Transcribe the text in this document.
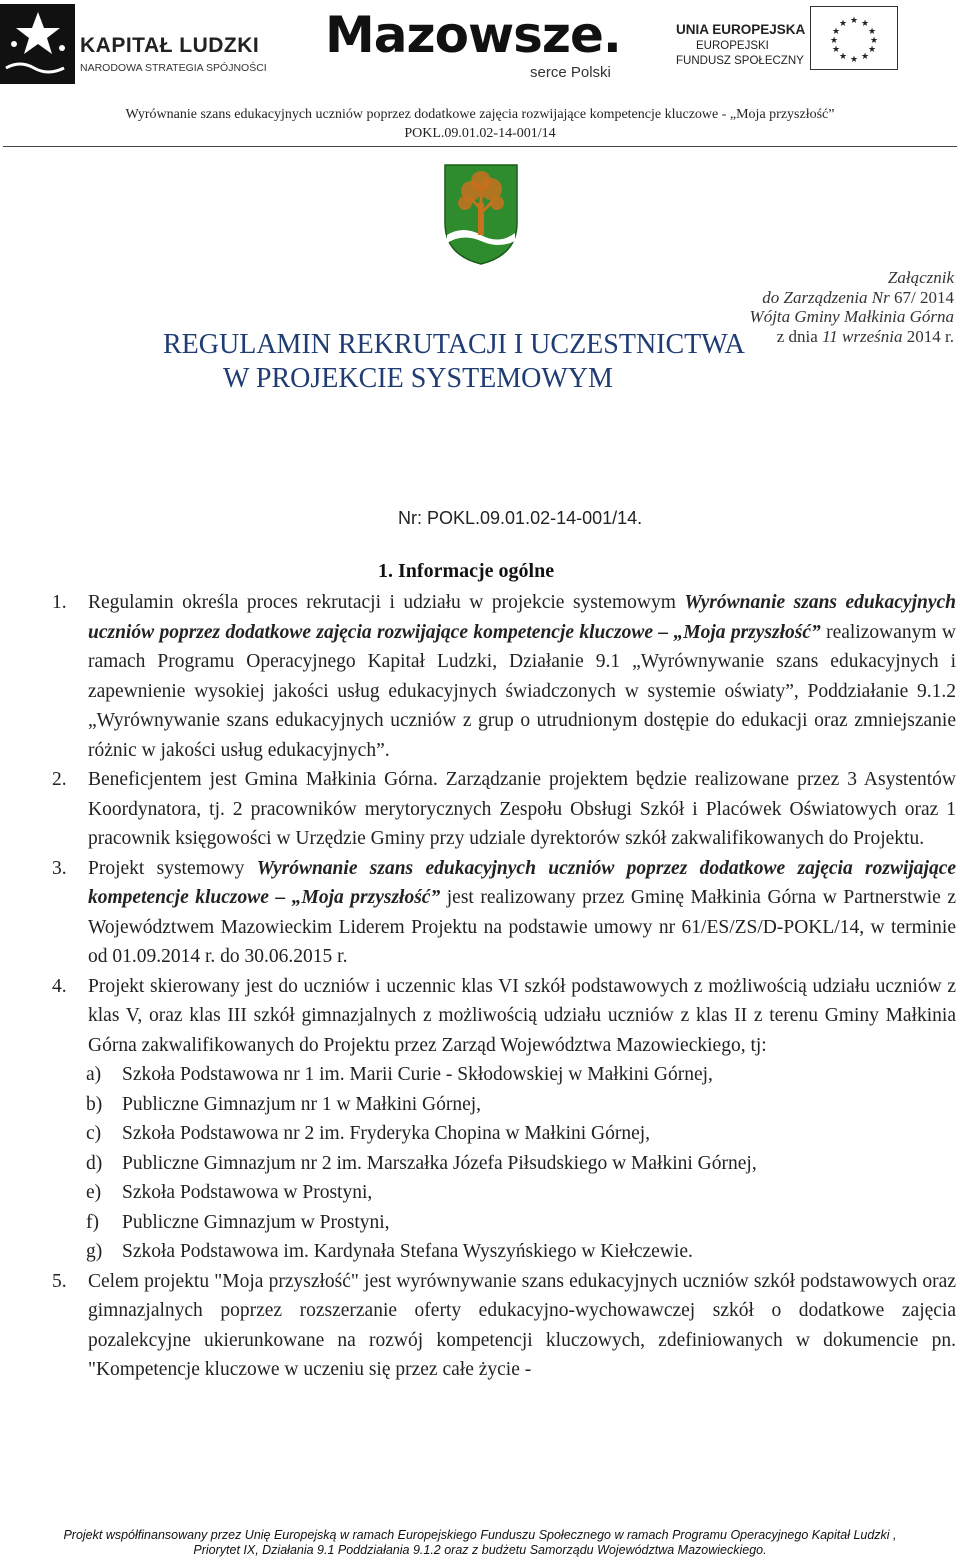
KAPITAŁ LUDZKI
NARODOWA STRATEGIA SPÓJNOŚCI
Mazowsze.
serce Polski
UNIA EUROPEJSKA
EUROPEJSKI
FUNDUSZ SPOŁECZNY
★ ★
★
★
★
★
★
★
★
★
★
★
Wyrównanie szans edukacyjnych uczniów poprzez dodatkowe zajęcia rozwijające kompetencje kluczowe - „Moja przyszłość”
POKL.09.01.02-14-001/14
Załącznik
do Zarządzenia Nr 67/ 2014
Wójta Gminy Małkinia Górna
z dnia 11 września 2014 r.
REGULAMIN REKRUTACJI I UCZESTNICTWA
W PROJEKCIE SYSTEMOWYM
Nr: POKL.09.01.02-14-001/14.
1. Informacje ogólne
1.	Regulamin określa proces rekrutacji i udziału w projekcie systemowym Wyrównanie szans edukacyjnych uczniów poprzez dodatkowe zajęcia rozwijające kompetencje kluczowe – „Moja przyszłość” realizowanym w ramach Programu Operacyjnego Kapitał Ludzki, Działanie 9.1 „Wyrównywanie szans edukacyjnych i zapewnienie wysokiej jakości usług edukacyjnych świadczonych w systemie oświaty”, Poddziałanie 9.1.2 „Wyrównywanie szans edukacyjnych uczniów z grup o utrudnionym dostępie do edukacji oraz zmniejszanie różnic w jakości usług edukacyjnych”.
2.	Beneficjentem jest Gmina Małkinia Górna. Zarządzanie projektem będzie realizowane przez 3 Asystentów Koordynatora, tj. 2 pracowników merytorycznych Zespołu Obsługi Szkół i Placówek Oświatowych oraz 1 pracownik księgowości w Urzędzie Gminy przy udziale dyrektorów szkół zakwalifikowanych do Projektu.
3.	Projekt systemowy Wyrównanie szans edukacyjnych uczniów poprzez dodatkowe zajęcia rozwijające kompetencje kluczowe – „Moja przyszłość” jest realizowany przez Gminę Małkinia Górna w Partnerstwie z Województwem Mazowieckim Liderem Projektu na podstawie umowy nr 61/ES/ZS/D-POKL/14, w terminie od 01.09.2014 r. do 30.06.2015 r.
4.	Projekt skierowany jest do uczniów i uczennic klas VI szkół podstawowych z możliwością udziału uczniów z klas V, oraz klas III szkół gimnazjalnych z możliwością udziału uczniów z klas II z terenu Gminy Małkinia Górna zakwalifikowanych do Projektu przez Zarząd Województwa Mazowieckiego, tj:
a)	Szkoła Podstawowa nr 1 im. Marii Curie - Skłodowskiej w Małkini Górnej,
b)	Publiczne Gimnazjum nr 1 w Małkini Górnej,
c)	Szkoła Podstawowa nr 2 im. Fryderyka Chopina w Małkini Górnej,
d)	Publiczne Gimnazjum nr 2 im. Marszałka Józefa Piłsudskiego w Małkini Górnej,
e)	Szkoła Podstawowa w Prostyni,
f)	Publiczne Gimnazjum w Prostyni,
g)	Szkoła Podstawowa im. Kardynała Stefana Wyszyńskiego w Kiełczewie.
5.	Celem projektu "Moja przyszłość" jest wyrównywanie szans edukacyjnych uczniów szkół podstawowych oraz gimnazjalnych poprzez rozszerzanie oferty edukacyjno-wychowawczej szkół o dodatkowe zajęcia pozalekcyjne ukierunkowane na rozwój kompetencji kluczowych, zdefiniowanych w dokumencie pn. "Kompetencje kluczowe w uczeniu się przez całe życie -
Projekt współfinansowany przez Unię Europejską w ramach Europejskiego Funduszu Społecznego w ramach Programu Operacyjnego Kapitał Ludzki ,
Priorytet IX, Działania 9.1 Poddziałania 9.1.2 oraz z budżetu Samorządu Województwa Mazowieckiego.
